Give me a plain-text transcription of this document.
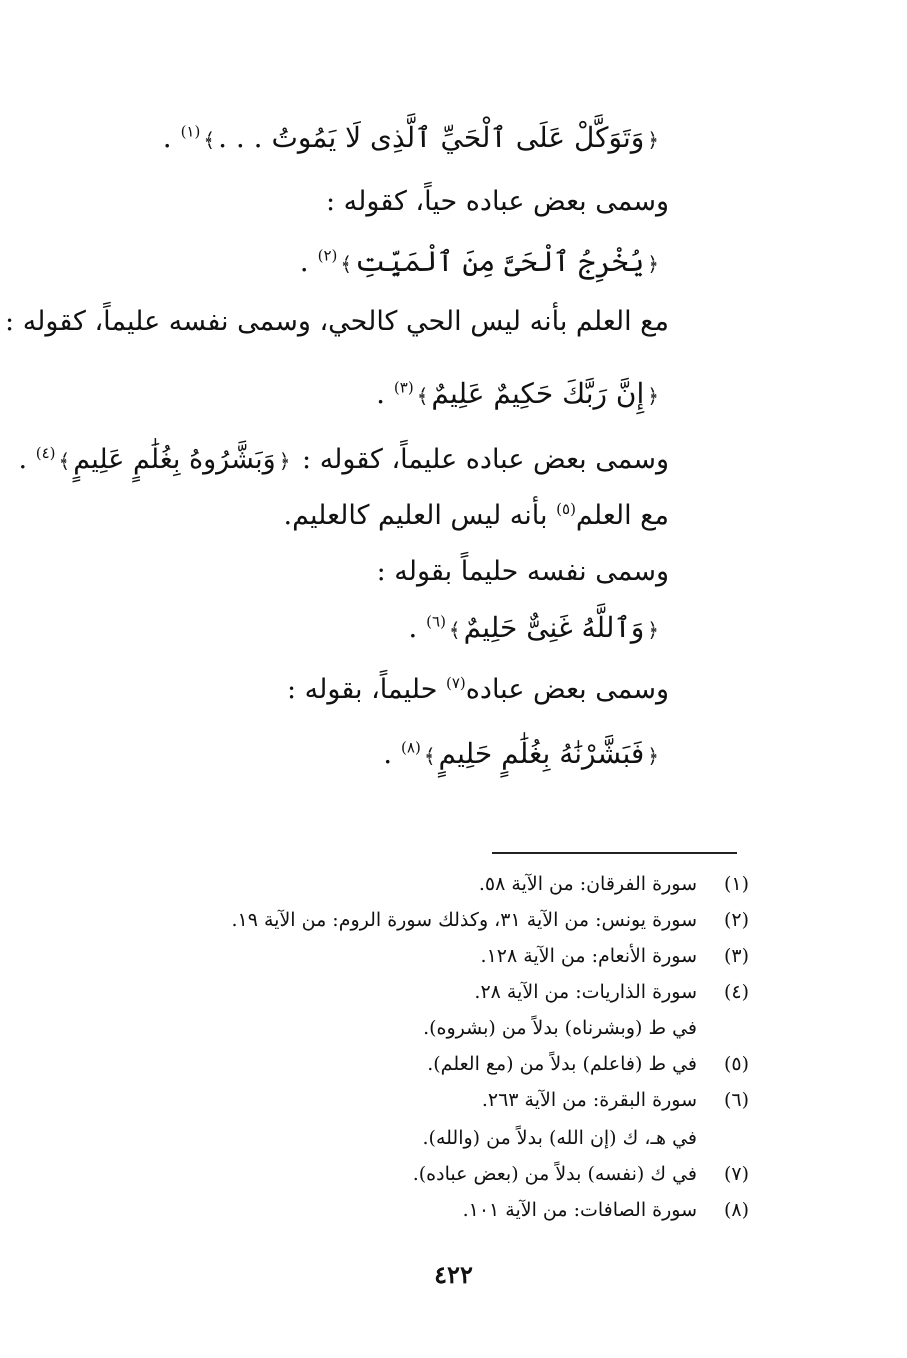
﴿وَتَوَكَّلْ عَلَى ٱلْحَيِّ ٱلَّذِى لَا يَمُوتُ . . .﴾$^{(١)}$ .
وسمى بعض عباده حياً، كقوله :
﴿يُخْرِجُ ٱلْحَىَّ مِنَ ٱلْمَيِّتِ﴾$^{(٢)}$ .
مع العلم بأنه ليس الحي كالحي، وسمى نفسه عليماً، كقوله :
﴿إِنَّ رَبَّكَ حَكِيمٌ عَلِيمٌ﴾$^{(٣)}$ .
وسمى بعض عباده عليماً، كقوله : ﴿وَبَشَّرُوهُ بِغُلَٰمٍ عَلِيمٍ﴾$^{(٤)}$ .
مع العلم$^{(٥)}$ بأنه ليس العليم كالعليم.
وسمى نفسه حليماً بقوله :
﴿وَٱللَّهُ غَنِىٌّ حَلِيمٌ﴾$^{(٦)}$ .
وسمى بعض عباده$^{(٧)}$ حليماً، بقوله :
﴿فَبَشَّرْنَٰهُ بِغُلَٰمٍ حَلِيمٍ﴾$^{(٨)}$ .
(١)سورة الفرقان: من الآية ٥٨.
(٢)سورة يونس: من الآية ٣١، وكذلك سورة الروم: من الآية ١٩.
(٣)سورة الأنعام: من الآية ١٢٨.
(٤)سورة الذاريات: من الآية ٢٨.
في ط (وبشرناه) بدلاً من (بشروه).
(٥)في ط (فاعلم) بدلاً من (مع العلم).
(٦)سورة البقرة: من الآية ٢٦٣.
في هـ، ك (إن الله) بدلاً من (والله).
(٧)في ك (نفسه) بدلاً من (بعض عباده).
(٨)سورة الصافات: من الآية ١٠١.
٤٢٢
